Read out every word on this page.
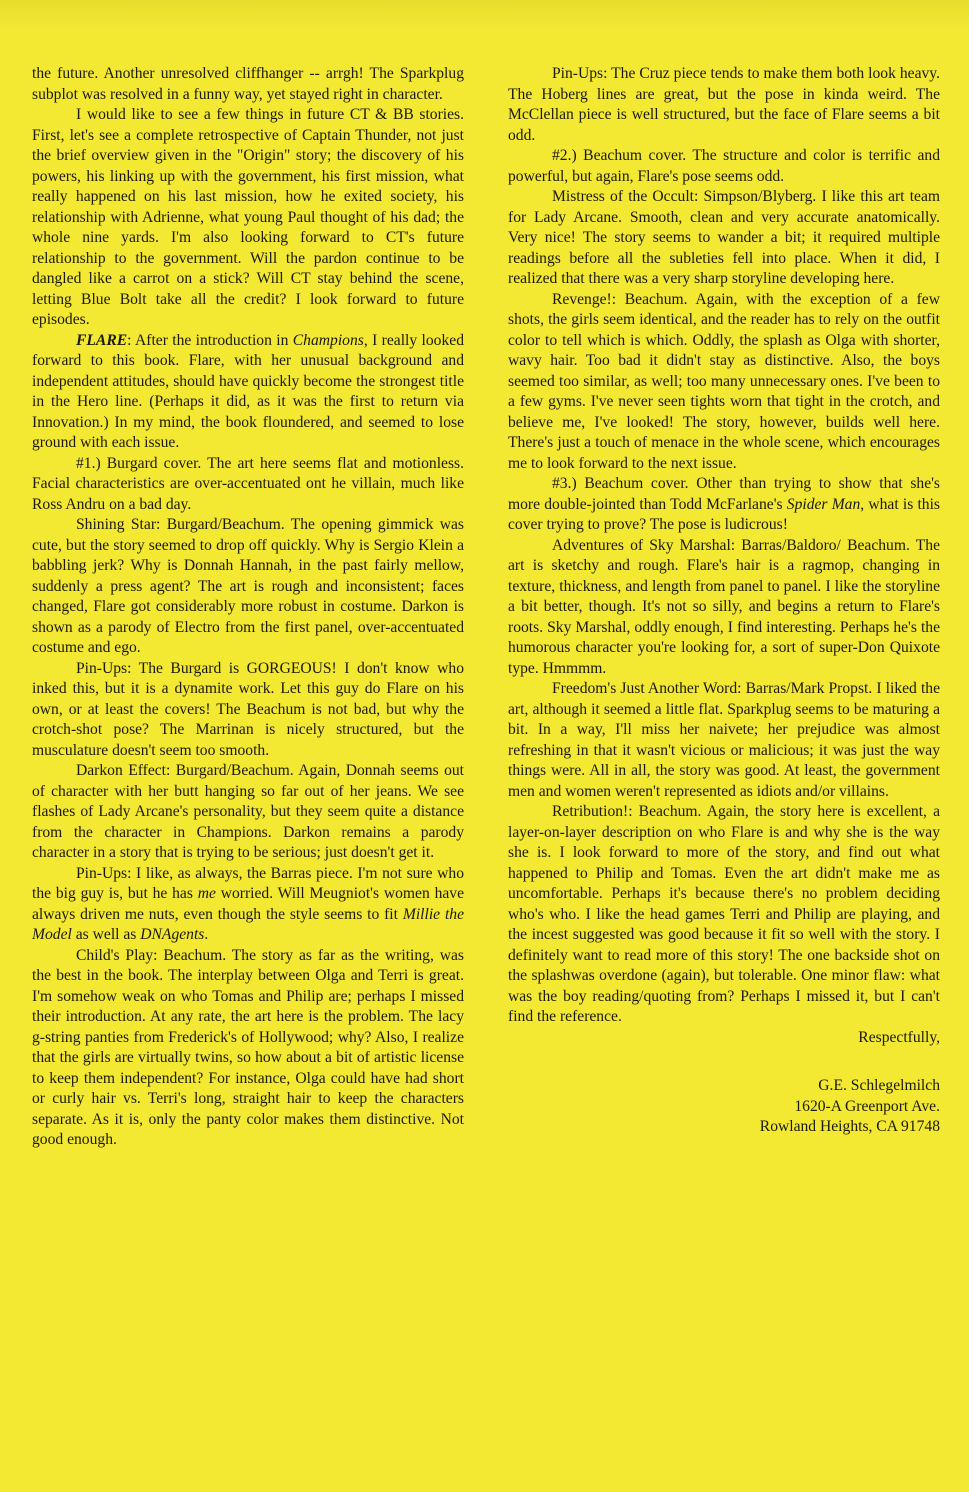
the future. Another unresolved cliffhanger -- arrgh! The Sparkplug subplot was resolved in a funny way, yet stayed right in character.

I would like to see a few things in future CT & BB stories. First, let's see a complete retrospective of Captain Thunder, not just the brief overview given in the "Origin" story; the discovery of his powers, his linking up with the government, his first mission, what really happened on his last mission, how he exited society, his relationship with Adrienne, what young Paul thought of his dad; the whole nine yards. I'm also looking forward to CT's future relationship to the government. Will the pardon continue to be dangled like a carrot on a stick? Will CT stay behind the scene, letting Blue Bolt take all the credit? I look forward to future episodes.

FLARE: After the introduction in Champions, I really looked forward to this book. Flare, with her unusual background and independent attitudes, should have quickly become the strongest title in the Hero line. (Perhaps it did, as it was the first to return via Innovation.) In my mind, the book floundered, and seemed to lose ground with each issue.

#1.) Burgard cover. The art here seems flat and motionless. Facial characteristics are over-accentuated ont he villain, much like Ross Andru on a bad day.

Shining Star: Burgard/Beachum. The opening gimmick was cute, but the story seemed to drop off quickly. Why is Sergio Klein a babbling jerk? Why is Donnah Hannah, in the past fairly mellow, suddenly a press agent? The art is rough and inconsistent; faces changed, Flare got considerably more robust in costume. Darkon is shown as a parody of Electro from the first panel, over-accentuated costume and ego.

Pin-Ups: The Burgard is GORGEOUS! I don't know who inked this, but it is a dynamite work. Let this guy do Flare on his own, or at least the covers! The Beachum is not bad, but why the crotch-shot pose? The Marrinan is nicely structured, but the musculature doesn't seem too smooth.

Darkon Effect: Burgard/Beachum. Again, Donnah seems out of character with her butt hanging so far out of her jeans. We see flashes of Lady Arcane's personality, but they seem quite a distance from the character in Champions. Darkon remains a parody character in a story that is trying to be serious; just doesn't get it.

Pin-Ups: I like, as always, the Barras piece. I'm not sure who the big guy is, but he has me worried. Will Meugniot's women have always driven me nuts, even though the style seems to fit Millie the Model as well as DNAgents.

Child's Play: Beachum. The story as far as the writing, was the best in the book. The interplay between Olga and Terri is great. I'm somehow weak on who Tomas and Philip are; perhaps I missed their introduction. At any rate, the art here is the problem. The lacy g-string panties from Frederick's of Hollywood; why? Also, I realize that the girls are virtually twins, so how about a bit of artistic license to keep them independent? For instance, Olga could have had short or curly hair vs. Terri's long, straight hair to keep the characters separate. As it is, only the panty color makes them distinctive. Not good enough.

Pin-Ups: The Cruz piece tends to make them both look heavy. The Hoberg lines are great, but the pose in kinda weird. The McClellan piece is well structured, but the face of Flare seems a bit odd.

#2.) Beachum cover. The structure and color is terrific and powerful, but again, Flare's pose seems odd.

Mistress of the Occult: Simpson/Blyberg. I like this art team for Lady Arcane. Smooth, clean and very accurate anatomically. Very nice! The story seems to wander a bit; it required multiple readings before all the subleties fell into place. When it did, I realized that there was a very sharp storyline developing here.

Revenge!: Beachum. Again, with the exception of a few shots, the girls seem identical, and the reader has to rely on the outfit color to tell which is which. Oddly, the splash as Olga with shorter, wavy hair. Too bad it didn't stay as distinctive. Also, the boys seemed too similar, as well; too many unnecessary ones. I've been to a few gyms. I've never seen tights worn that tight in the crotch, and believe me, I've looked! The story, however, builds well here. There's just a touch of menace in the whole scene, which encourages me to look forward to the next issue.

#3.) Beachum cover. Other than trying to show that she's more double-jointed than Todd McFarlane's Spider Man, what is this cover trying to prove? The pose is ludicrous!

Adventures of Sky Marshal: Barras/Baldoro/ Beachum. The art is sketchy and rough. Flare's hair is a ragmop, changing in texture, thickness, and length from panel to panel. I like the storyline a bit better, though. It's not so silly, and begins a return to Flare's roots. Sky Marshal, oddly enough, I find interesting. Perhaps he's the humorous character you're looking for, a sort of super-Don Quixote type. Hmmmm.

Freedom's Just Another Word: Barras/Mark Propst. I liked the art, although it seemed a little flat. Sparkplug seems to be maturing a bit. In a way, I'll miss her naivete; her prejudice was almost refreshing in that it wasn't vicious or malicious; it was just the way things were. All in all, the story was good. At least, the government men and women weren't represented as idiots and/or villains.

Retribution!: Beachum. Again, the story here is excellent, a layer-on-layer description on who Flare is and why she is the way she is. I look forward to more of the story, and find out what happened to Philip and Tomas. Even the art didn't make me as uncomfortable. Perhaps it's because there's no problem deciding who's who. I like the head games Terri and Philip are playing, and the incest suggested was good because it fit so well with the story. I definitely want to read more of this story! The one backside shot on the splashwas overdone (again), but tolerable. One minor flaw: what was the boy reading/quoting from? Perhaps I missed it, but I can't find the reference.

Respectfully,

G.E. Schlegelmilch
1620-A Greenport Ave.
Rowland Heights, CA 91748
